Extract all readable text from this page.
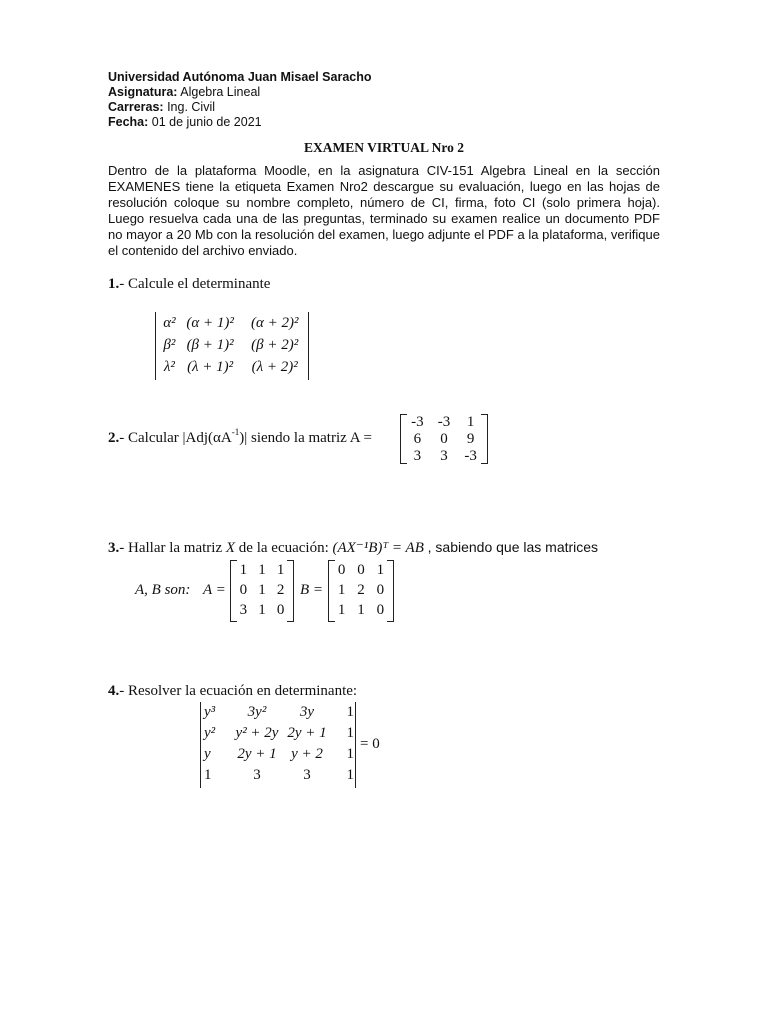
Universidad Autónoma Juan Misael Saracho
Asignatura: Algebra Lineal
Carreras: Ing. Civil
Fecha: 01 de junio de 2021
EXAMEN VIRTUAL Nro 2
Dentro de la plataforma Moodle, en la asignatura CIV-151 Algebra Lineal en la sección EXAMENES tiene la etiqueta Examen Nro2 descargue su evaluación, luego en las hojas de resolución coloque su nombre completo, número de CI, firma, foto CI (solo primera hoja). Luego resuelva cada una de las preguntas, terminado su examen realice un documento PDF no mayor a 20 Mb con la resolución del examen, luego adjunte el PDF a la plataforma, verifique el contenido del archivo enviado.
1.- Calcule el determinante
α²	(α + 1)²	(α + 2)²
β²	(β + 1)²	(β + 2)²
λ²	(λ + 1)²	(λ + 2)²
2.- Calcular $|Adj(\alpha A^{-1})|$ siendo la matriz A =
-3	-3	1
6	0	9
3	3	-3
3.- Hallar la matriz X de la ecuación: (AX⁻¹B)ᵀ = AB , sabiendo que las matrices
A, B son: A =
1	1	1
0	1	2
3	1	0
B =
0	0	1
1	2	0
1	1	0
4.- Resolver la ecuación en determinante:
y³	3y²	3y	1
y²	y² + 2y	2y + 1	1
y	2y + 1	y + 2	1
1	3	3	1
= 0
